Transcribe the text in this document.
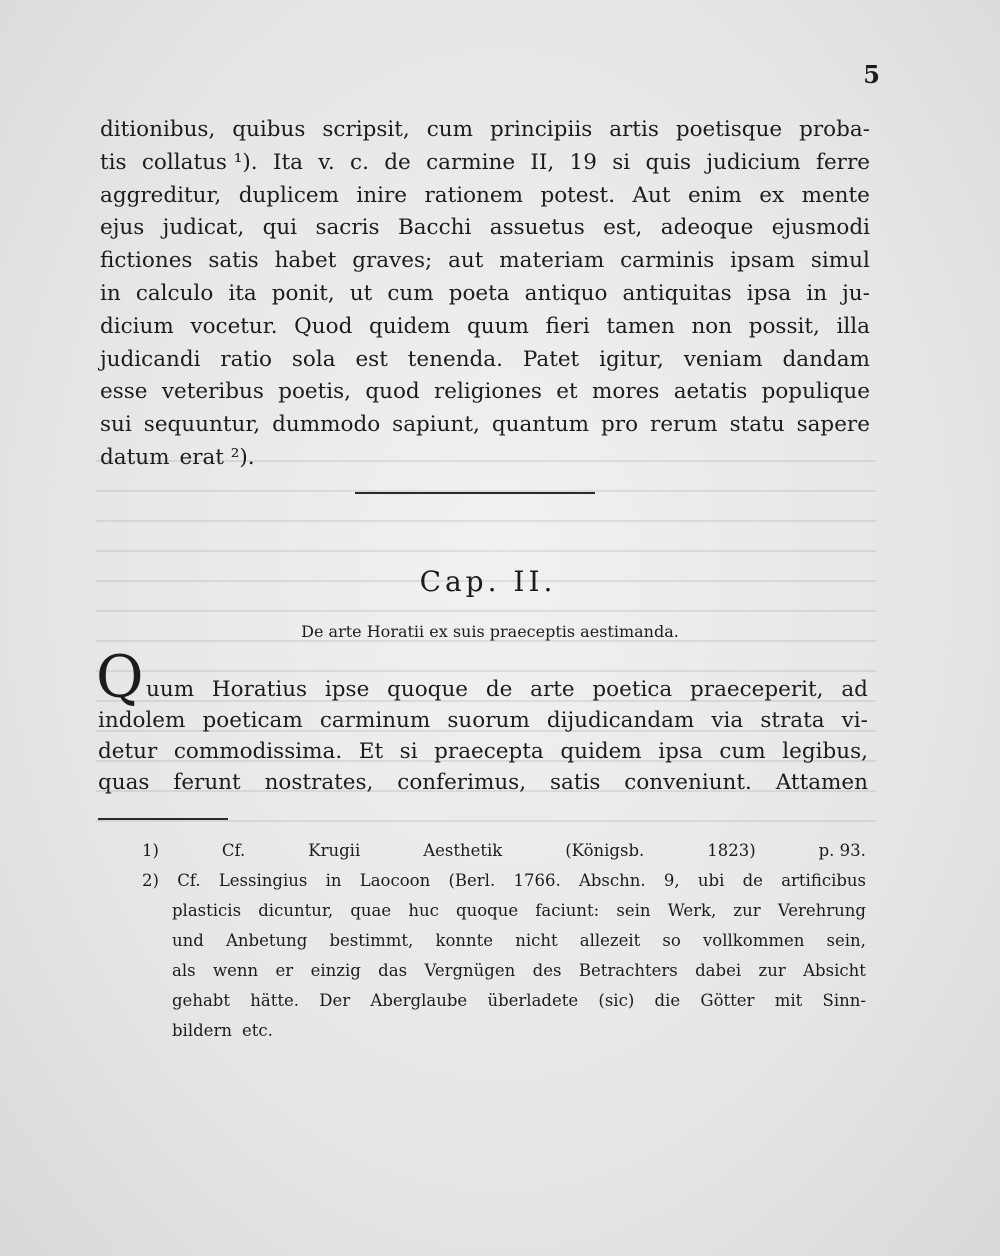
5
ditionibus, quibus scripsit, cum principiis artis poetisque proba-
tis collatus ¹). Ita v. c. de carmine II, 19 si quis judicium ferre
aggreditur, duplicem inire rationem potest. Aut enim ex mente
ejus judicat, qui sacris Bacchi assuetus est, adeoque ejusmodi
fictiones satis habet graves; aut materiam carminis ipsam simul
in calculo ita ponit, ut cum poeta antiquo antiquitas ipsa in ju-
dicium vocetur. Quod quidem quum fieri tamen non possit, illa
judicandi ratio sola est tenenda. Patet igitur, veniam dandam
esse veteribus poetis, quod religiones et mores aetatis populique
sui sequuntur, dummodo sapiunt, quantum pro rerum statu sapere
datum erat ²).
Cap. II.
De arte Horatii ex suis praeceptis aestimanda.
Q uum Horatius ipse quoque de arte poetica praeceperit, ad
indolem poeticam carminum suorum dijudicandam via strata vi-
detur commodissima. Et si praecepta quidem ipsa cum legibus,
quas ferunt nostrates, conferimus, satis conveniunt. Attamen
1)	Cf.	Krugii	Aesthetik	(Königsb.	1823)	p. 93.
2) Cf. Lessingius in Laocoon (Berl. 1766. Abschn. 9, ubi de artificibus
plasticis dicuntur, quae huc quoque faciunt: sein Werk, zur Verehrung
und Anbetung bestimmt, konnte nicht allezeit so vollkommen sein,
als wenn er einzig das Vergnügen des Betrachters dabei zur Absicht
gehabt hätte. Der Aberglaube überladete (sic) die Götter mit Sinn-
bildern etc.
